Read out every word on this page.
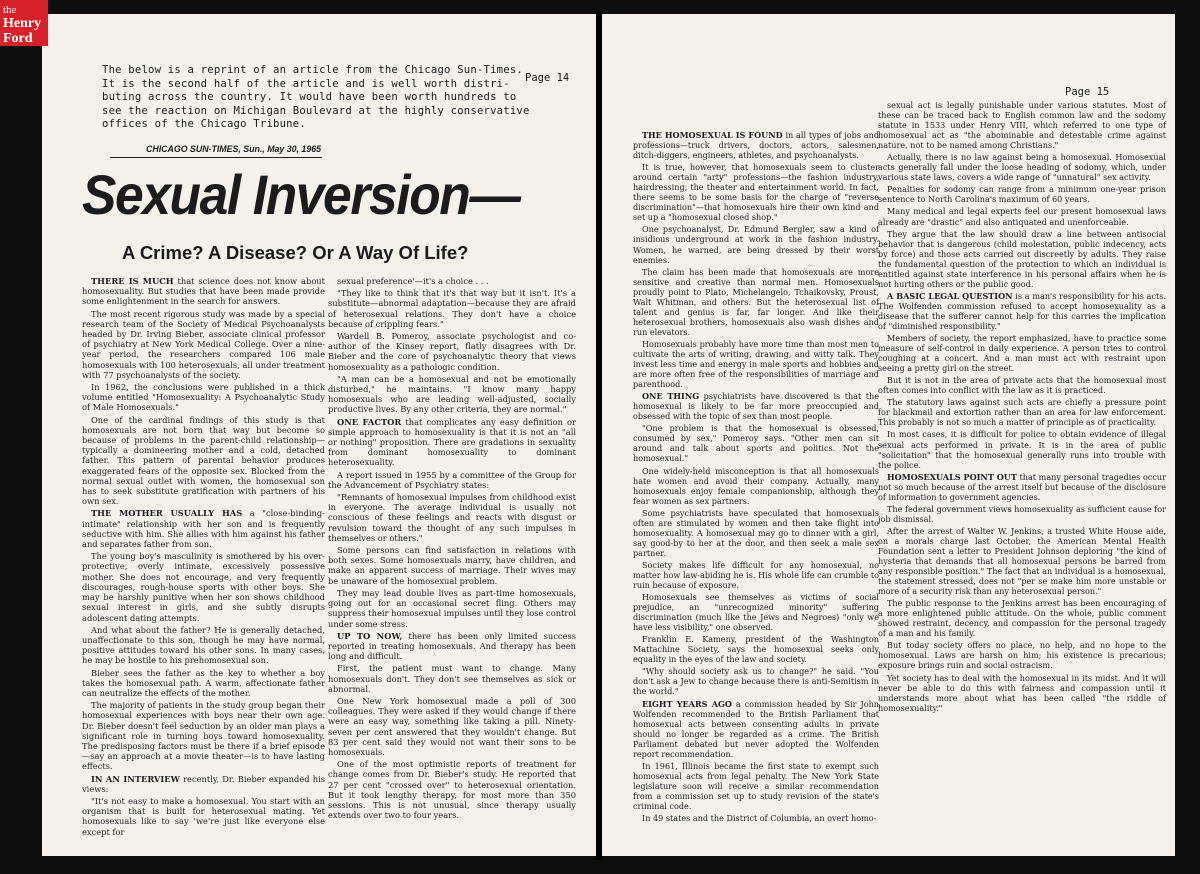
the
Henry
Ford
The below is a reprint of an article from the Chicago Sun-Times.
It is the second half of the article and is well worth distri-
buting across the country. It would have been worth hundreds to
see the reaction on Michigan Boulevard at the highly conservative
offices of the Chicago Tribune.
Page 14
CHICAGO SUN-TIMES, Sun., May 30, 1965
Sexual Inversion—
A Crime? A Disease? Or A Way Of Life?

THERE IS MUCH that science does not know about homosexuality. But studies that have been made provide some enlightenment in the search for answers.

The most recent rigorous study was made by a special research team of the Society of Medical Psychoanalysts headed by Dr. Irving Bieber, associate clinical professor of psychiatry at New York Medical College. Over a nine-year period, the researchers compared 106 male homosexuals with 100 heterosexuals, all under treatment with 77 psychoanalysts of the society.

In 1962, the conclusions were published in a thick volume entitled "Homosexuality: A Psychoanalytic Study of Male Homosexuals."

One of the cardinal findings of this study is that homosexuals are not born that way but become so because of problems in the parent-child relationship—typically a domineering mother and a cold, detached father. This pattern of parental behavior produces exaggerated fears of the opposite sex. Blocked from the normal sexual outlet with women, the homosexual son has to seek substitute gratification with partners of his own sex.

THE MOTHER USUALLY HAS a "close-binding-intimate" relationship with her son and is frequently seductive with him. She allies with him against his father and separates father from son.

The young boy's masculinity is smothered by his over-protective, overly intimate, excessively possessive mother. She does not encourage, and very frequently discourages, rough-house sports with other boys. She may be harshly punitive when her son shows childhood sexual interest in girls, and she subtly disrupts adolescent dating attempts.

And what about the father? He is generally detached, unaffectionate to this son, though he may have normal, positive attitudes toward his other sons. In many cases, he may be hostile to his prehomosexual son.

Bieber sees the father as the key to whether a boy takes the homosexual path. A warm, affectionate father can neutralize the effects of the mother.

The majority of patients in the study group began their homosexual experiences with boys near their own age. Dr. Bieber doesn't feel seduction by an older man plays a significant role in turning boys toward homosexuality. The predisposing factors must be there if a brief episode—say an approach at a movie theater—is to have lasting effects.

IN AN INTERVIEW recently, Dr. Bieber expanded his views:

"It's not easy to make a homosexual. You start with an organism that is built for heterosexual mating. Yet homosexuals like to say 'we're just like everyone else except for

sexual preference'—it's a choice . . .

"They like to think that it's that way but it isn't. It's a substitute—abnormal adaptation—because they are afraid of heterosexual relations. They don't have a choice because of crippling fears."

Wardell B. Pomeroy, associate psychologist and co-author of the Kinsey report, flatly disagrees with Dr. Bieber and the core of psychoanalytic theory that views homosexuality as a pathologic condition.

"A man can be a homosexual and not be emotionally disturbed," he maintains. "I know many happy homosexuals who are leading well-adjusted, socially productive lives. By any other criteria, they are normal."

ONE FACTOR that complicates any easy definition or simple approach to homosexuality is that it is not an "all or nothing" proposition. There are gradations in sexuality from dominant homosexuality to dominant heterosexuality.

A report issued in 1955 by a committee of the Group for the Advancement of Psychiatry states:

"Remnants of homosexual impulses from childhood exist in everyone. The average individual is usually not conscious of these feelings and reacts with disgust or revulsion toward the thought of any such impulses in themselves or others."

Some persons can find satisfaction in relations with both sexes. Some homosexuals marry, have children, and make an apparent success of marriage. Their wives may be unaware of the homosexual problem.

They may lead double lives as part-time homosexuals, going out for an occasional secret fling. Others may suppress their homosexual impulses until they lose control under some stress.

UP TO NOW, there has been only limited success reported in treating homosexuals. And therapy has been long and difficult.

First, the patient must want to change. Many homosexuals don't. They don't see themselves as sick or abnormal.

One New York homosexual made a poll of 300 colleagues. They were asked if they would change if there were an easy way, something like taking a pill. Ninety-seven per cent answered that they wouldn't change. But 83 per cent said they would not want their sons to be homosexuals.

One of the most optimistic reports of treatment for change comes from Dr. Bieber's study. He reported that 27 per cent "crossed over" to heterosexual orientation. But it took lengthy therapy, for most more than 350 sessions. This is not unusual, since therapy usually extends over two to four years.

Page 15

THE HOMOSEXUAL IS FOUND in all types of jobs and professions—truck drivers, doctors, actors, salesmen, ditch-diggers, engineers, athletes, and psychoanalysts.

It is true, however, that homosexuals seem to cluster around certain "arty" professions—the fashion industry, hairdressing, the theater and entertainment world. In fact, there seems to be some basis for the charge of "reverse discrimination"—that homosexuals hire their own kind and set up a "homosexual closed shop."

One psychoanalyst, Dr. Edmund Bergler, saw a kind of insidious underground at work in the fashion industry. Women, he warned, are being dressed by their worst enemies.

The claim has been made that homosexuals are more sensitive and creative than normal men. Homosexuals proudly point to Plato, Michelangelo, Tchaikovsky, Proust, Walt Whitman, and others. But the heterosexual list of talent and genius is far, far longer. And like their heterosexual brothers, homosexuals also wash dishes and run elevators.

Homosexuals probably have more time than most men to cultivate the arts of writing, drawing, and witty talk. They invest less time and energy in male sports and hobbies and are more often free of the responsibilities of marriage and parenthood.

ONE THING psychiatrists have discovered is that the homosexual is likely to be far more preoccupied and obsessed with the topic of sex than most people.

"One problem is that the homosexual is obsessed, consumed by sex," Pomeroy says. "Other men can sit around and talk about sports and politics. Not the homosexual."

One widely-held misconception is that all homosexuals hate women and avoid their company. Actually, many homosexuals enjoy female companionship, although they fear women as sex partners.

Some psychiatrists have speculated that homosexuals often are stimulated by women and then take flight into homosexuality. A homosexual may go to dinner with a girl, say good-by to her at the door, and then seek a male sex partner.

Society makes life difficult for any homosexual, no matter how law-abiding he is. His whole life can crumble to ruin because of exposure.

Homosexuals see themselves as victims of social prejudice, an "unrecognized minority" suffering discrimination (much like the Jews and Negroes) "only we have less visibility," one observed.

Franklin E. Kameny, president of the Washington Mattachine Society, says the homosexual seeks only equality in the eyes of the law and society.

"Why should society ask us to change?" he said. "You don't ask a Jew to change because there is anti-Semitism in the world."

EIGHT YEARS AGO a commission headed by Sir John Wolfenden recommended to the British Parliament that homosexual acts between consenting adults in private should no longer be regarded as a crime. The British Parliament debated but never adopted the Wolfenden report recommendation.

In 1961, Illinois became the first state to exempt such homosexual acts from legal penalty. The New York State legislature soon will receive a similar recommendation from a commission set up to study revision of the state's criminal code.

In 49 states and the District of Columbia, an overt homo-

sexual act is legally punishable under various statutes. Most of these can be traced back to English common law and the sodomy statute in 1533 under Henry VIII, which referred to one type of homosexual act as "the abominable and detestable crime against nature, not to be named among Christians."

Actually, there is no law against being a homosexual. Homosexual acts generally fall under the loose heading of sodomy, which, under various state laws, covers a wide range of "unnatural" sex activity.

Penalties for sodomy can range from a minimum one-year prison sentence to North Carolina's maximum of 60 years.

Many medical and legal experts feel our present homosexual laws already are "drastic" and also antiquated and unenforceable.

They argue that the law should draw a line between antisocial behavior that is dangerous (child molestation, public indecency, acts by force) and those acts carried out discreetly by adults. They raise the fundamental question of the protection to which an individual is entitled against state interference in his personal affairs when he is not hurting others or the public good.

A BASIC LEGAL QUESTION is a man's responsibility for his acts. The Wolfenden commission refused to accept homosexuality as a disease that the sufferer cannot help for this carries the implication of "diminished responsibility."

Members of society, the report emphasized, have to practice some measure of self-control in daily experience. A person tries to control coughing at a concert. And a man must act with restraint upon seeing a pretty girl on the street.

But it is not in the area of private acts that the homosexual most often comes into conflict with the law as it is practiced.

The statutory laws against such acts are chiefly a pressure point for blackmail and extortion rather than an area for law enforcement. This probably is not so much a matter of principle as of practicality.

In most cases, it is difficult for police to obtain evidence of illegal sexual acts performed in private. It is in the area of public "solicitation" that the homosexual generally runs into trouble with the police.

HOMOSEXUALS POINT OUT that many personal tragedies occur not so much because of the arrest itself but because of the disclosure of information to government agencies.

The federal government views homosexuality as sufficient cause for job dismissal.

After the arrest of Walter W. Jenkins, a trusted White House aide, on a morals charge last October, the American Mental Health Foundation sent a letter to President Johnson deploring "the kind of hysteria that demands that all homosexual persons be barred from any responsible position." The fact that an individual is a homosexual, the statement stressed, does not "per se make him more unstable or more of a security risk than any heterosexual person."

The public response to the Jenkins arrest has been encouraging of a more enlightened public attitude. On the whole, public comment showed restraint, decency, and compassion for the personal tragedy of a man and his family.

But today society offers no place, no help, and no hope to the homosexual. Laws are harsh on him; his existence is precarious; exposure brings ruin and social ostracism.

Yet society has to deal with the homosexual in its midst. And it will never be able to do this with fairness and compassion until it understands more about what has been called "the riddle of homosexuality."
